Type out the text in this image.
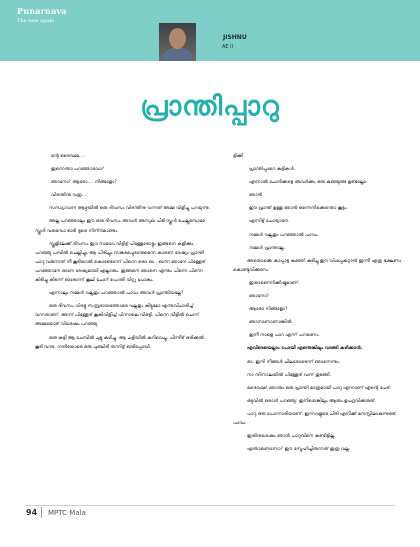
Punarnava
The new again
JISHNU
AE II
പ്രാന്തിപ്പാറു

ന്റെ ദൈവമേ....

ഇന്നെന്താ പറഞ്ഞാവോ?

ഞാനോ? ആരോ.... നിങ്ങളോ?

വിരന്തിനു വരൂ....

സന്ധ്യാവന്ന ആഴ്ചയിൽ ഒരു ദിവസം വിരന്തിനു വന്നത് അമ്മ വിളിച്ചു പറയുന്നു.

അല്ല പറഞ്ഞാലും ഈ ഒരു ദിവസം അവൾ അസുഖ പിടി സ്കൂൾ ചെല്ലുമ്പോഴേ സ്കൂൾ വരുമ്പോ ഓടി ദൂരെ നിന്ന്കാണും.

സ്കൂളിലേക്ക് ദിവസം ഈ സമയം വിട്ടിട്ട് പിള്ളേരോട്ടും ഇങ്ങനെ കളിക്കും പറഞ്ഞു പമ്പിൽ ചെല്ലിച്ചും ആ പിരിച്ചും സങ്കടപ്പെടാനുമെന്ന കാരണ ദേഷ്യം പ്രാന്തി പാറു വരുന്നത് നീ കൂടിയാൽ കൊണ്ടോന്ന് പിന്നെ ഒരാ ഓ.. ഓന്ന ഞാനേ പിള്ളേര് പറഞ്ഞാനേ ഓനേ ദേഷ്യമായി എല്ലാരും. ഇങ്ങനെ ഞാനെ എന്നും പിന്നെ പിന്നെ കിടിച്ചു കിടന്ന് ഓരോന്ന് കൂലി ചോറ് പൊതി വിറ്റു പോകും.

എന്നാലും നമ്മൾ വല്ലതും പറഞ്ഞാൽ പാവം അവൾ പ്രാന്തിയല്ലേ?

ഒരു ദിവസം വിരട്ടു സമ്പ്രദായത്തോടെ വല്ലതും കിട്ടുമോ എന്നുവിചാരിച്ച് വന്നതാണ്. അന്ന് പിള്ളേര് കൂകിവിളിച്ച് പിന്നാലെ വിരട്ടി. പിന്നെ വീട്ടിൽ ചെന്ന് അമ്മയോട് വിശേഷം പറഞ്ഞു.

ഒരു കട്ടി ആ ചേമ്പിൽ ചുട്ടു കഴിച്ചു. ആ ചട്ടിയിൽ കറിവെച്ചു. പിന്നീട് ഒരിക്കൽ കൂടി വന്നു. നന്ദിയോടെ ഒരു പുഞ്ചിരി തന്നിട്ട് ഓടിപ്പോയി.

ട്ടിക്കി

പ്രാന്തിപ്പാറെ കുട്ടികൾ.

എന്നാൽ ചോദിക്കട്ടെ അവർക്കും ഒരു കുഞ്ഞുങ്ങ ഉണ്ടല്ലോ.

ഞാൻ

ഈ പ്രാന്ത് ഉള്ള ഞാൻ ഒന്നെനിക്കെന്തൊ കൂട്ടം.

എന്നിട്ട് ചോദ്യാനേ.

നമ്മൾ വല്ലതും പറഞ്ഞാൽ പാവം.

നമ്മൾ പ്രാന്തല്ലേ.

അതൊക്കെ കാപ്പാട്ട കഞ്ഞി കുടിച്ചു ഈ വിശപ്പകറ്റാൻ ഇന്നീ എത്ര ഭക്ഷണം കൊണ്ടുവിക്കണം.

ഇതാണെനിക്കിഷ്ടമാണ്.

ഞാനോ?

ആരോ നിങ്ങളോ?

ഞാനാണാണാങ്കിൽ.

ഇനീ നാളെ പാറ എന്ന് പറയണം.

എവിടെയെല്ലാം പോയി എന്തെങ്കിലും വാങ്ങി കഴിക്കാൻ.

ഓ, ഇനി നിങ്ങൾ ചിലരോടെന്ന് ഞാനെന്നും.

നാ ന്ദിന്നാലയിൽ പിള്ളേര് വന്ന് തുടങ്ങി.

ദൈവമേ! ഞാനും ഒരു പ്രാന്തി മാത്രമായി പാറു എന്നാണ് എന്റെ പേര്.

ഒടുവിൽ ഒരാൾ പറഞ്ഞു: ഇനിയെങ്കിലും ആരും ഉപദ്രവിക്കരുത്.

പാറു ഒരു പോന്നാരിയാണ്. ഇന്നവളുടെ ചിരി എനിക്ക് മനസ്സിലാകുന്നുണ്ട്. പാവം.

ഇതിനുശേഷം ഞാൻ പാറുവിനെ കണ്ടിട്ടില്ല.

എന്താണെന്നോ? ഈ സ്നേഹിച്ചിരുന്നത് ഇത്ര വല്ല.

94 MPTC Mala
